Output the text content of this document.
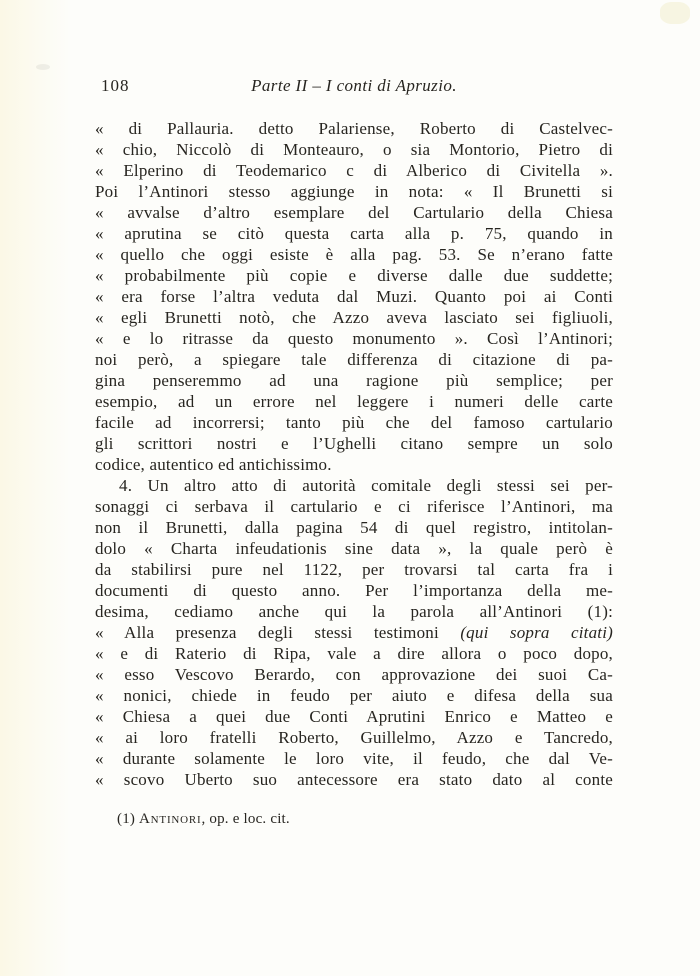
108	Parte II – I conti di Apruzio.
« di Pallauria. detto Palariense, Roberto di Castelvec-
« chio, Niccolò di Monteauro, o sia Montorio, Pietro di
« Elperino di Teodemarico c di Alberico di Civitella ».
Poi l’Antinori stesso aggiunge in nota: « Il Brunetti si
« avvalse d’altro esemplare del Cartulario della Chiesa
« aprutina se citò questa carta alla p. 75, quando in
« quello che oggi esiste è alla pag. 53. Se n’erano fatte
« probabilmente più copie e diverse dalle due suddette;
« era forse l’altra veduta dal Muzi. Quanto poi ai Conti
« egli Brunetti notò, che Azzo aveva lasciato sei figliuoli,
« e lo ritrasse da questo monumento ». Così l’Antinori;
noi però, a spiegare tale differenza di citazione di pa-
gina penseremmo ad una ragione più semplice; per
esempio, ad un errore nel leggere i numeri delle carte
facile ad incorrersi; tanto più che del famoso cartulario
gli scrittori nostri e l’Ughelli citano sempre un solo
codice, autentico ed antichissimo.
4. Un altro atto di autorità comitale degli stessi sei per-
sonaggi ci serbava il cartulario e ci riferisce l’Antinori, ma
non il Brunetti, dalla pagina 54 di quel registro, intitolan-
dolo « Charta infeudationis sine data », la quale però è
da stabilirsi pure nel 1122, per trovarsi tal carta fra i
documenti di questo anno. Per l’importanza della me-
desima, cediamo anche qui la parola all’Antinori (1):
« Alla presenza degli stessi testimoni (qui sopra citati)
« e di Raterio di Ripa, vale a dire allora o poco dopo,
« esso Vescovo Berardo, con approvazione dei suoi Ca-
« nonici, chiede in feudo per aiuto e difesa della sua
« Chiesa a quei due Conti Aprutini Enrico e Matteo e
« ai loro fratelli Roberto, Guillelmo, Azzo e Tancredo,
« durante solamente le loro vite, il feudo, che dal Ve-
« scovo Uberto suo antecessore era stato dato al conte
(1) Antinori, op. e loc. cit.
